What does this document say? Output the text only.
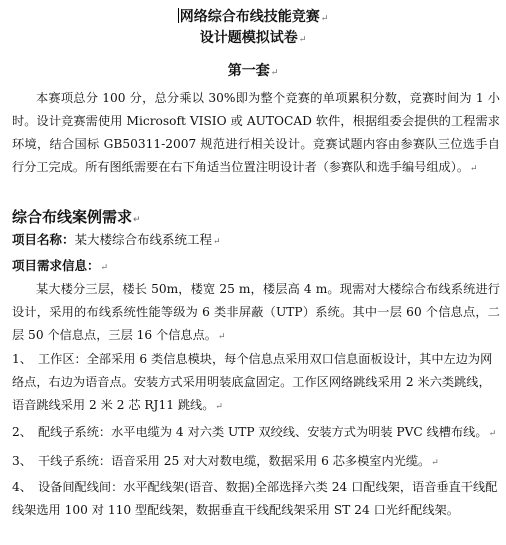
网络综合布线技能竞赛↵
设计题模拟试卷↵
第一套↵
本赛项总分 100 分，总分乘以 30%即为整个竞赛的单项累积分数，竞赛时间为 1 小时。设计竞赛需使用 Microsoft VISIO 或 AUTOCAD 软件，根据组委会提供的工程需求环境，结合国标 GB50311-2007 规范进行相关设计。竞赛试题内容由参赛队三位选手自行分工完成。所有图纸需要在右下角适当位置注明设计者（参赛队和选手编号组成）。↵
综合布线案例需求↵
项目名称：某大楼综合布线系统工程↵
项目需求信息：↵
某大楼分三层，楼长 50m，楼宽 25 m，楼层高 4 m。现需对大楼综合布线系统进行设计，采用的布线系统性能等级为 6 类非屏蔽（UTP）系统。其中一层 60 个信息点，二层 50 个信息点，三层 16 个信息点。↵
1、 工作区：全部采用 6 类信息模块，每个信息点采用双口信息面板设计，其中左边为网络点，右边为语音点。安装方式采用明装底盒固定。工作区网络跳线采用 2 米六类跳线，语音跳线采用 2 米 2 芯 RJ11 跳线。↵
2、 配线子系统：水平电缆为 4 对六类 UTP 双绞线、安装方式为明装 PVC 线槽布线。↵
3、 干线子系统：语音采用 25 对大对数电缆，数据采用 6 芯多模室内光缆。↵
4、 设备间配线间：水平配线架(语音、数据)全部选择六类 24 口配线架，语音垂直干线配线架选用 100 对 110 型配线架，数据垂直干线配线架采用 ST 24 口光纤配线架。
